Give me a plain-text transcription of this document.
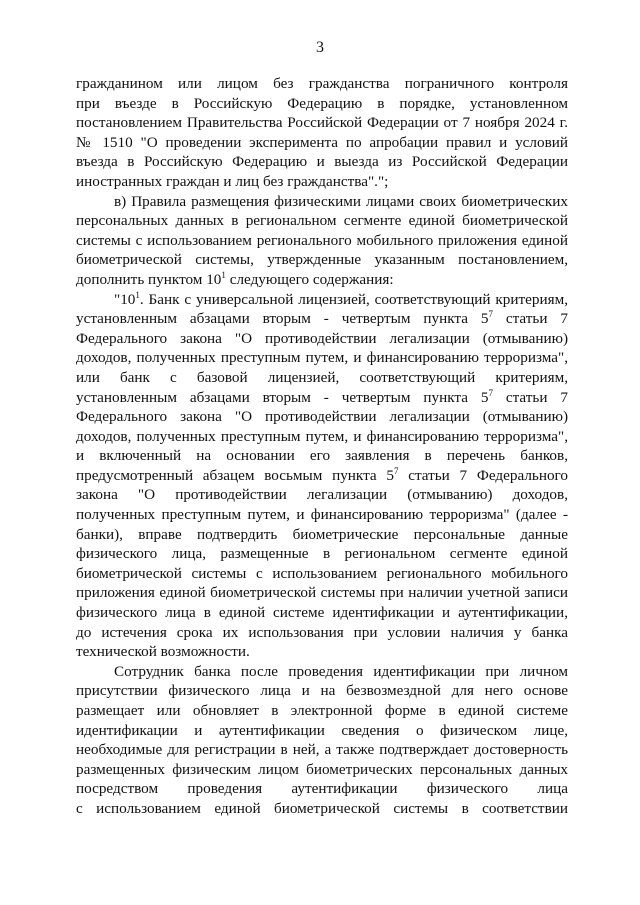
3
гражданином или лицом без гражданства пограничного контроля
при въезде в Российскую Федерацию в порядке, установленном
постановлением Правительства Российской Федерации от 7 ноября 2024 г.
№ 1510 "О проведении эксперимента по апробации правил и условий
въезда в Российскую Федерацию и выезда из Российской Федерации
иностранных граждан и лиц без гражданства".";
в) Правила размещения физическими лицами своих биометрических
персональных данных в региональном сегменте единой биометрической
системы с использованием регионального мобильного приложения единой
биометрической системы, утвержденные указанным постановлением,
дополнить пунктом $10^1$ следующего содержания:
"$10^1$. Банк с универсальной лицензией, соответствующий критериям,
установленным абзацами вторым - четвертым пункта $5^7$ статьи 7
Федерального закона "О противодействии легализации (отмыванию)
доходов, полученных преступным путем, и финансированию терроризма",
или банк с базовой лицензией, соответствующий критериям,
установленным абзацами вторым - четвертым пункта $5^7$ статьи 7
Федерального закона "О противодействии легализации (отмыванию)
доходов, полученных преступным путем, и финансированию терроризма",
и включенный на основании его заявления в перечень банков,
предусмотренный абзацем восьмым пункта $5^7$ статьи 7 Федерального
закона "О противодействии легализации (отмыванию) доходов,
полученных преступным путем, и финансированию терроризма" (далее -
банки), вправе подтвердить биометрические персональные данные
физического лица, размещенные в региональном сегменте единой
биометрической системы с использованием регионального мобильного
приложения единой биометрической системы при наличии учетной записи
физического лица в единой системе идентификации и аутентификации,
до истечения срока их использования при условии наличия у банка
технической возможности.
Сотрудник банка после проведения идентификации при личном
присутствии физического лица и на безвозмездной для него основе
размещает или обновляет в электронной форме в единой системе
идентификации и аутентификации сведения о физическом лице,
необходимые для регистрации в ней, а также подтверждает достоверность
размещенных физическим лицом биометрических персональных данных
посредством проведения аутентификации физического лица
с использованием единой биометрической системы в соответствии
